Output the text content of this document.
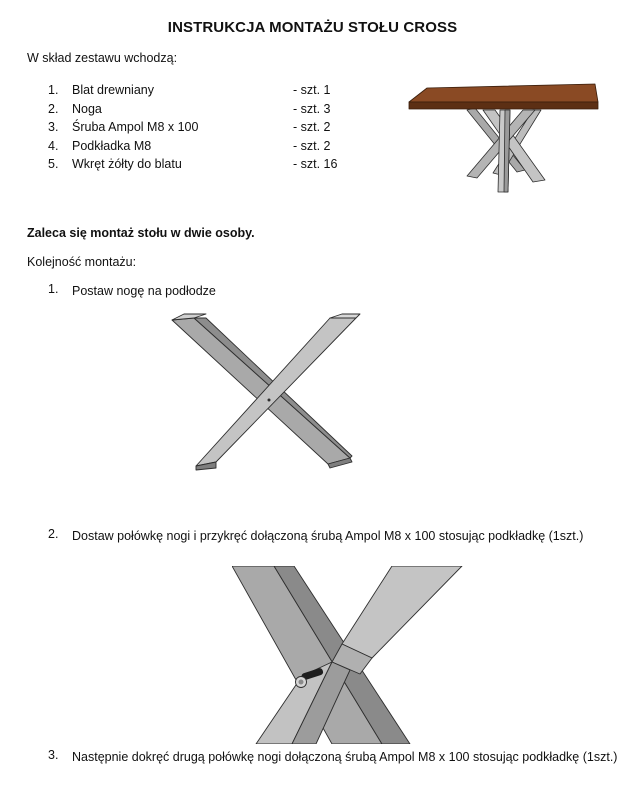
INSTRUKCJA MONTAŻU STOŁU CROSS
W skład zestawu wchodzą:
1.	Blat drewniany	- szt. 1
2.	Noga	- szt. 3
3.	Śruba Ampol M8 x 100	- szt. 2
4.	Podkładka M8	- szt. 2
5.	Wkręt żółty do blatu	- szt. 16
Zaleca się montaż stołu w dwie osoby.
Kolejność montażu:
1. Postaw nogę na podłodze
2. Dostaw połówkę nogi i przykręć dołączoną śrubą Ampol M8 x 100 stosując podkładkę (1szt.)
3. Następnie dokręć drugą połówkę nogi dołączoną śrubą Ampol M8 x 100 stosując podkładkę (1szt.)
